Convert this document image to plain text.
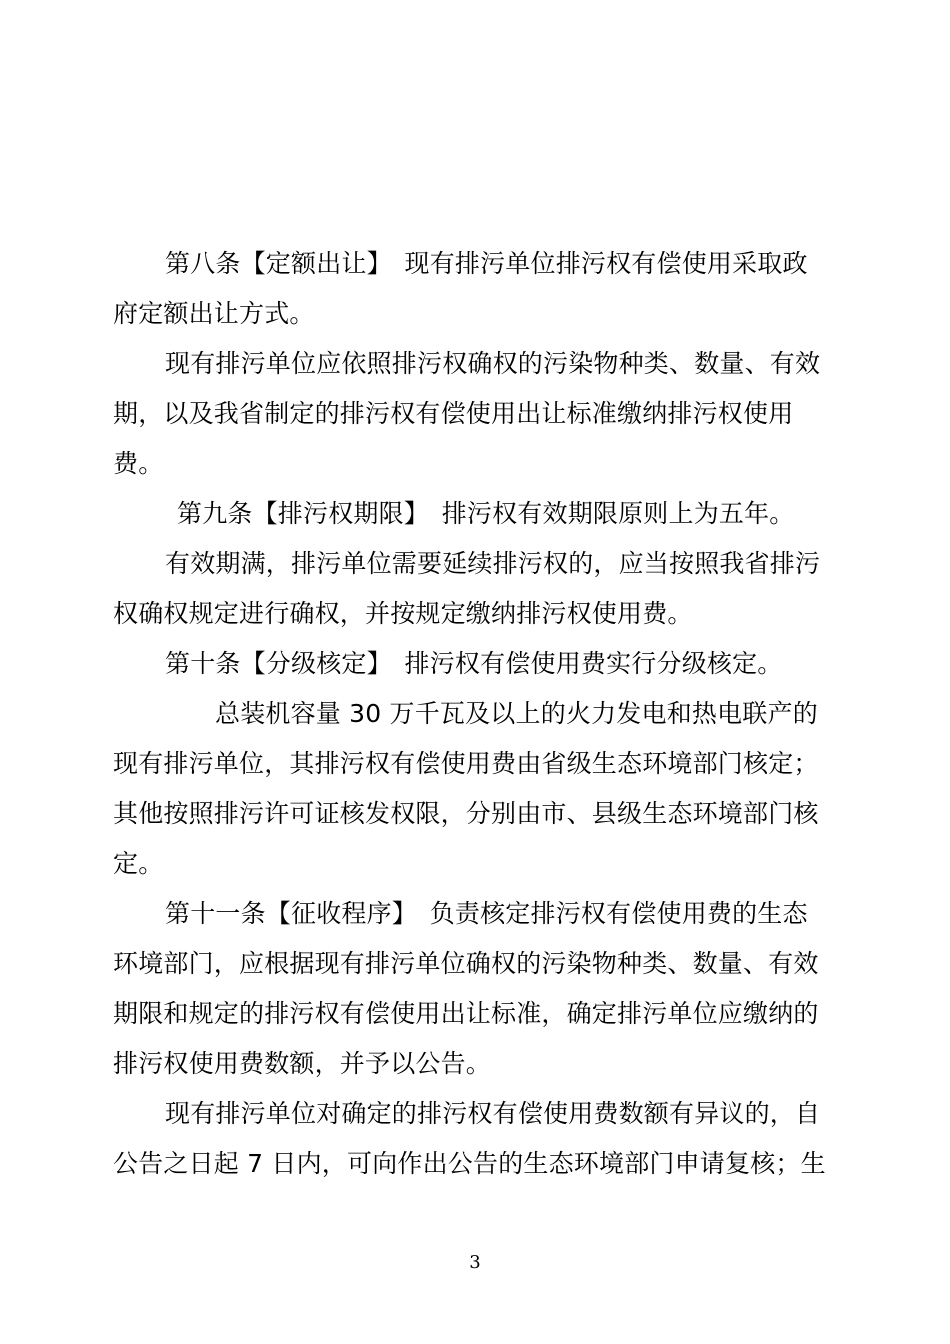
第八条【定额出让】　现有排污单位排污权有偿使用采取政
府定额出让方式。
现有排污单位应依照排污权确权的污染物种类、数量、有效
期，以及我省制定的排污权有偿使用出让标准缴纳排污权使用
费。
第九条【排污权期限】　排污权有效期限原则上为五年。
有效期满，排污单位需要延续排污权的，应当按照我省排污
权确权规定进行确权，并按规定缴纳排污权使用费。
第十条【分级核定】　排污权有偿使用费实行分级核定。
总装机容量 30 万千瓦及以上的火力发电和热电联产的
现有排污单位，其排污权有偿使用费由省级生态环境部门核定；
其他按照排污许可证核发权限，分别由市、县级生态环境部门核
定。
第十一条【征收程序】　负责核定排污权有偿使用费的生态
环境部门，应根据现有排污单位确权的污染物种类、数量、有效
期限和规定的排污权有偿使用出让标准，确定排污单位应缴纳的
排污权使用费数额，并予以公告。
现有排污单位对确定的排污权有偿使用费数额有异议的，自
公告之日起 7 日内，可向作出公告的生态环境部门申请复核；生
3
